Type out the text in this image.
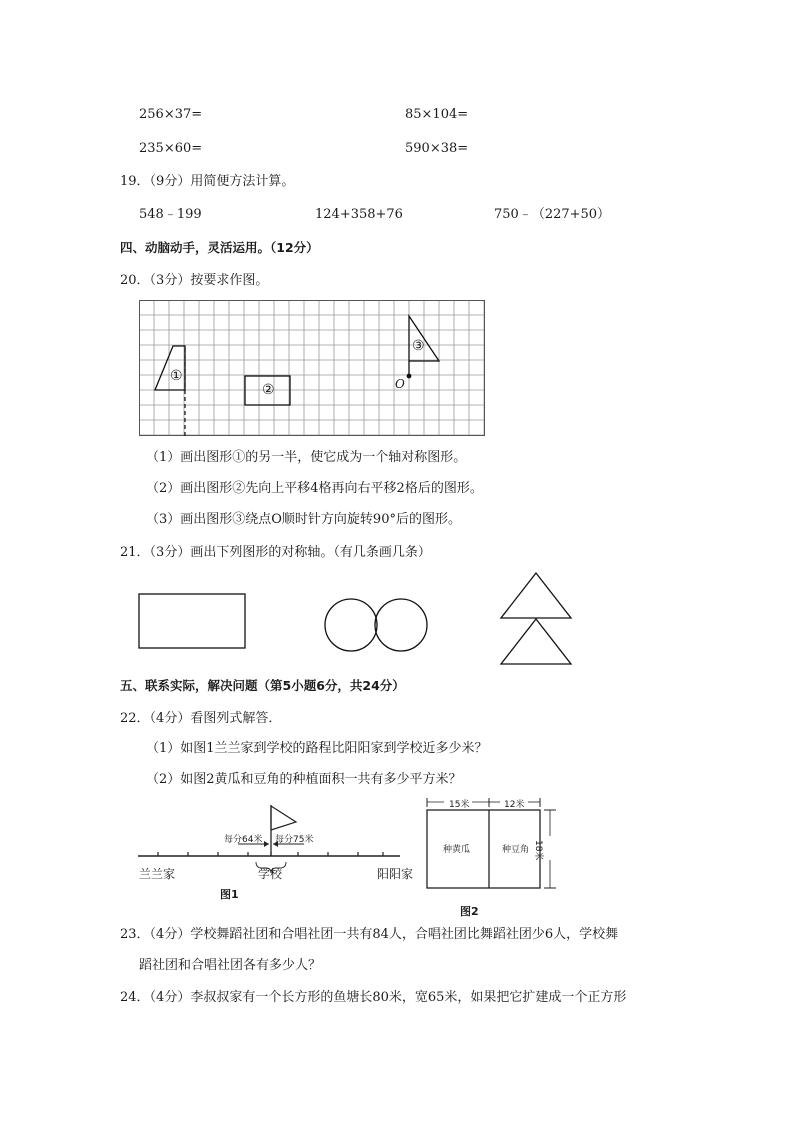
256×37=	85×104=
235×60=	590×38=
19．（9分）用简便方法计算。
548﹣199	124+358+76	750﹣（227+50）
四、动脑动手，灵活运用。（12分）
20．（3分）按要求作图。
①
②
③
O
（1）画出图形①的另一半，使它成为一个轴对称图形。
（2）画出图形②先向上平移4格再向右平移2格后的图形。
（3）画出图形③绕点O顺时针方向旋转90°后的图形。
21．（3分）画出下列图形的对称轴。（有几条画几条）
五、联系实际，解决问题（第5小题6分，共24分）
22．（4分）看图列式解答．
（1）如图1兰兰家到学校的路程比阳阳家到学校近多少米？
（2）如图2黄瓜和豆角的种植面积一共有多少平方米？
每分64米 每分75米
兰兰家	学校	阳阳家
图1
15米	12米
18米
种黄瓜	种豆角
图2
23．（4分）学校舞蹈社团和合唱社团一共有84人，合唱社团比舞蹈社团少6人，学校舞
蹈社团和合唱社团各有多少人？
24．（4分）李叔叔家有一个长方形的鱼塘长80米，宽65米，如果把它扩建成一个正方形
